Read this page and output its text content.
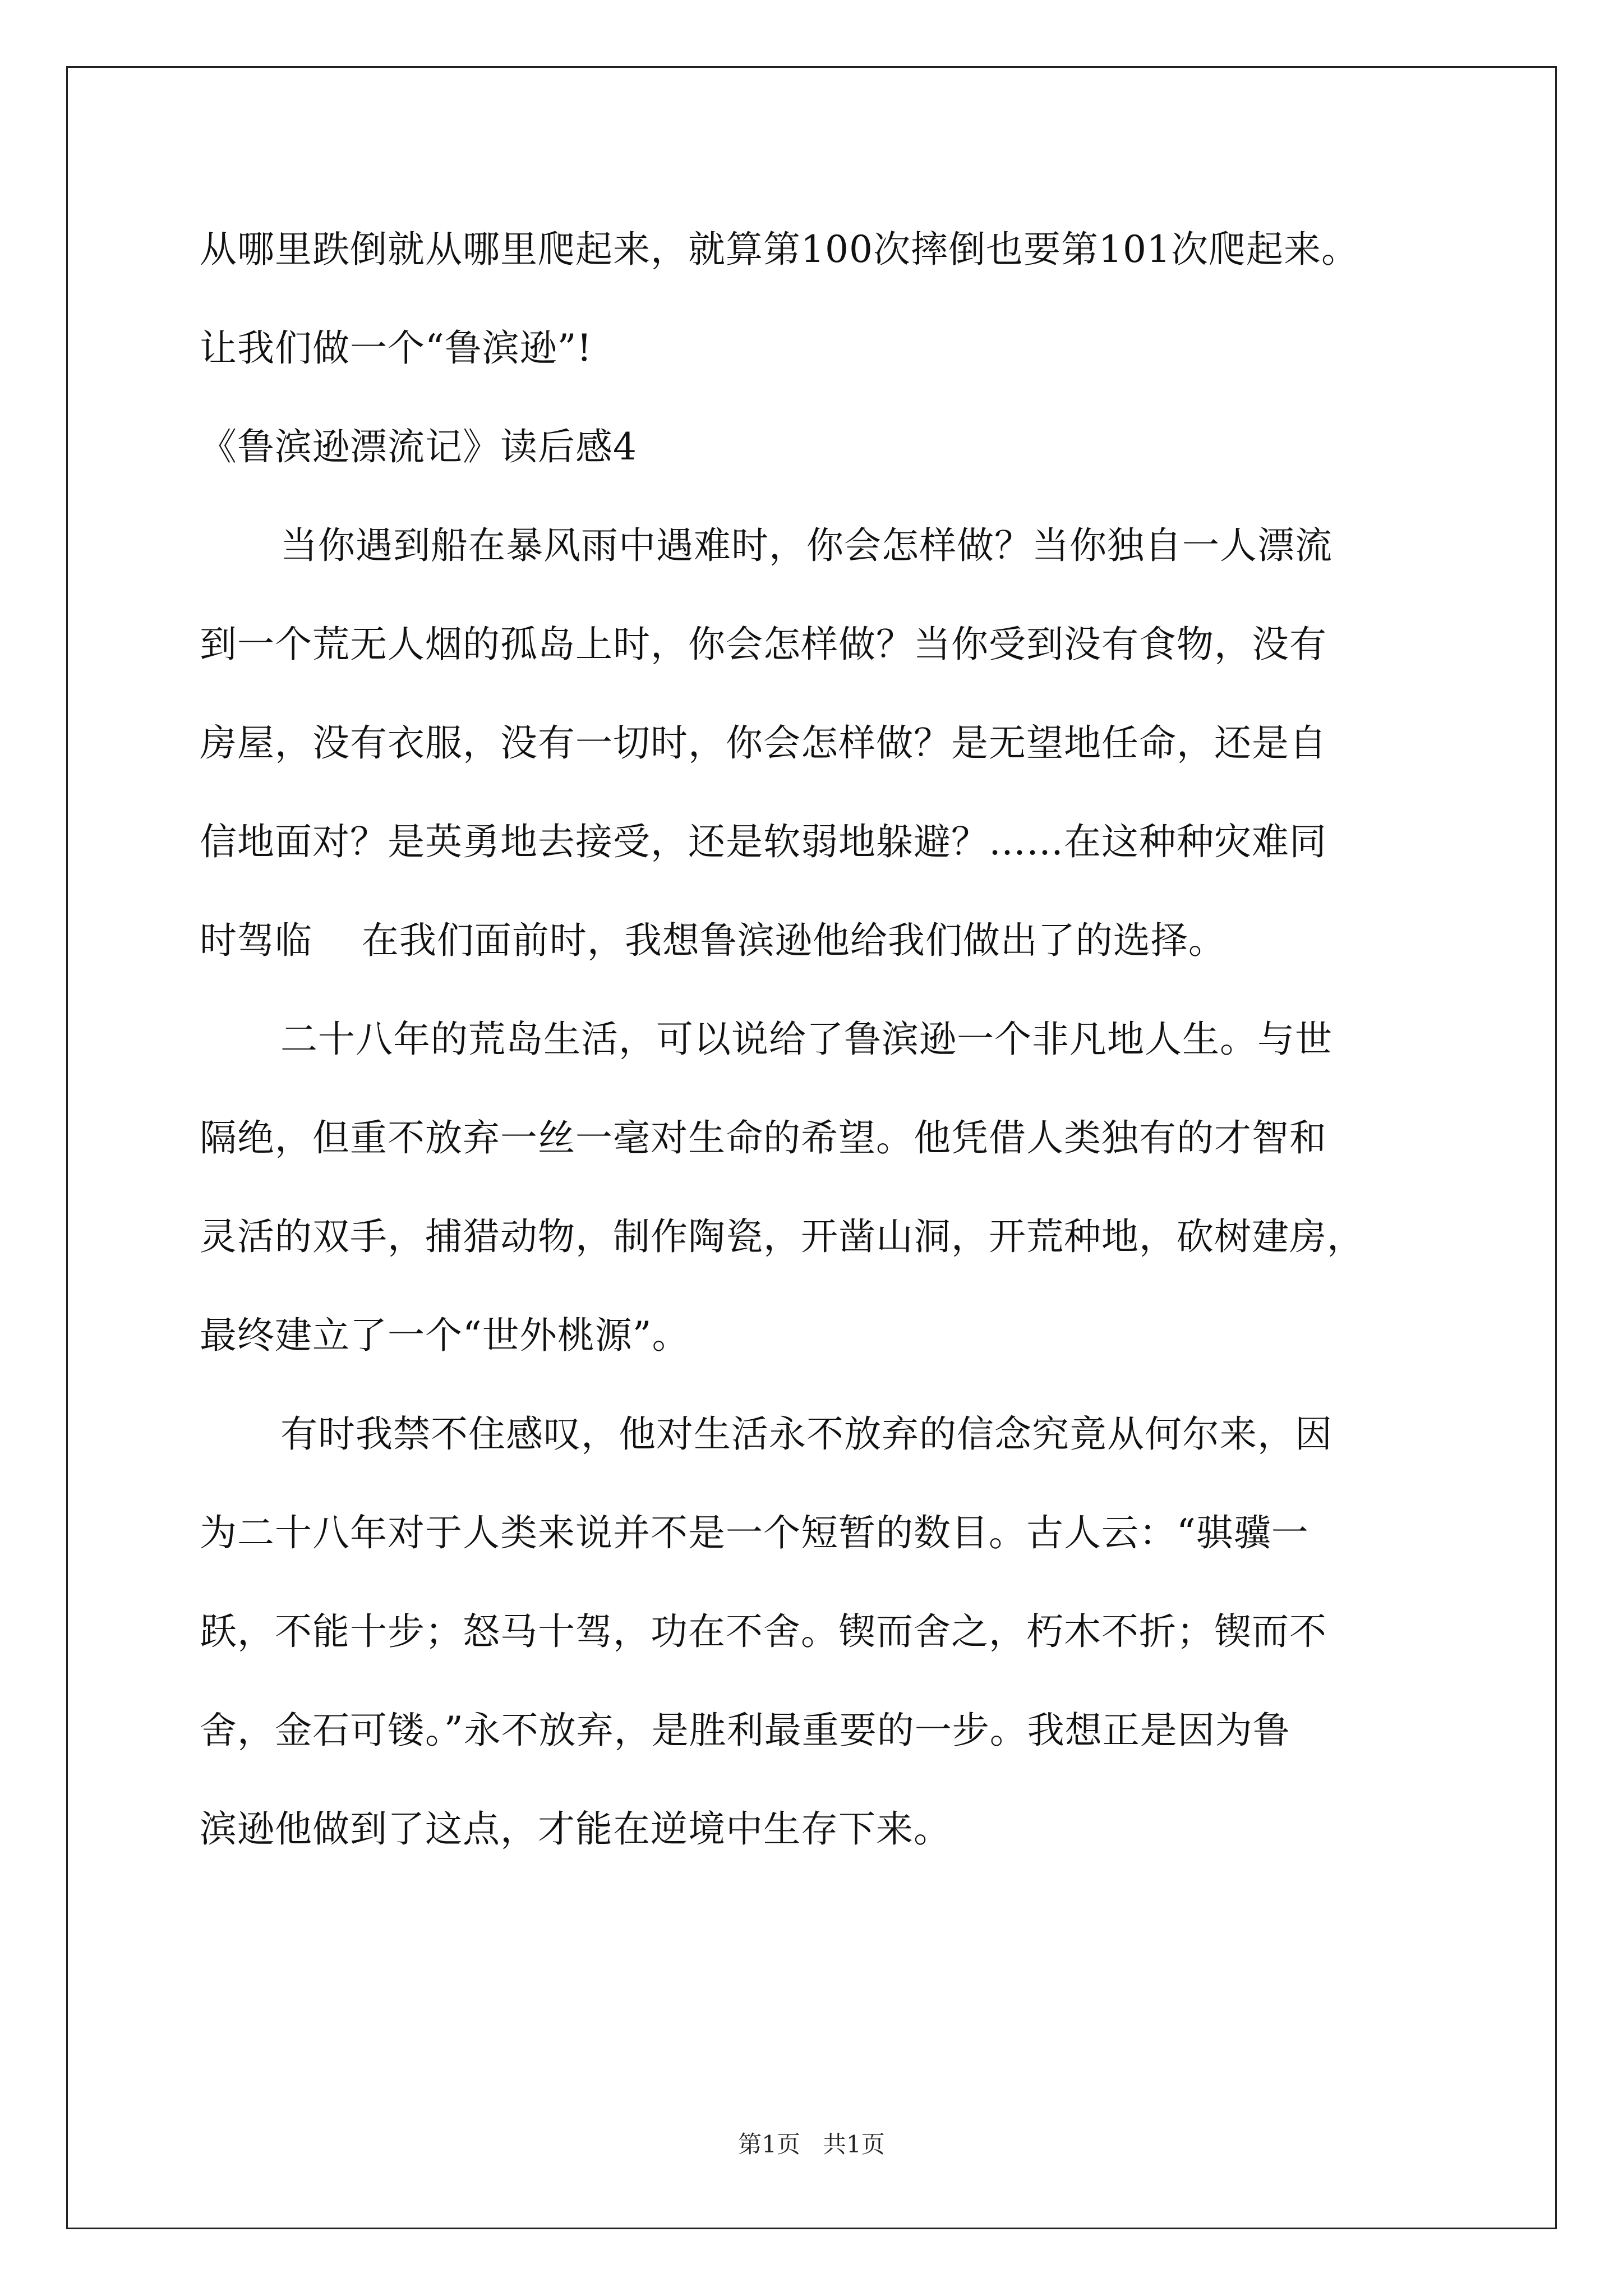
从哪里跌倒就从哪里爬起来，就算第100次摔倒也要第101次爬起来。
让我们做一个“鲁滨逊”!
《鲁滨逊漂流记》读后感4
当你遇到船在暴风雨中遇难时，你会怎样做？当你独自一人漂流
到一个荒无人烟的孤岛上时，你会怎样做？当你受到没有食物，没有
房屋，没有衣服，没有一切时，你会怎样做？是无望地任命，还是自
信地面对？是英勇地去接受，还是软弱地躲避？……在这种种灾难同
时驾临    在我们面前时，我想鲁滨逊他给我们做出了的选择。
二十八年的荒岛生活，可以说给了鲁滨逊一个非凡地人生。与世
隔绝，但重不放弃一丝一毫对生命的希望。他凭借人类独有的才智和
灵活的双手，捕猎动物，制作陶瓷，开凿山洞，开荒种地，砍树建房，
最终建立了一个“世外桃源”。
有时我禁不住感叹，他对生活永不放弃的信念究竟从何尔来，因
为二十八年对于人类来说并不是一个短暂的数目。古人云：“骐骥一
跃，不能十步；怒马十驾，功在不舍。锲而舍之，朽木不折；锲而不
舍，金石可镂。”永不放弃，是胜利最重要的一步。我想正是因为鲁
滨逊他做到了这点，才能在逆境中生存下来。
第1页   共1页
